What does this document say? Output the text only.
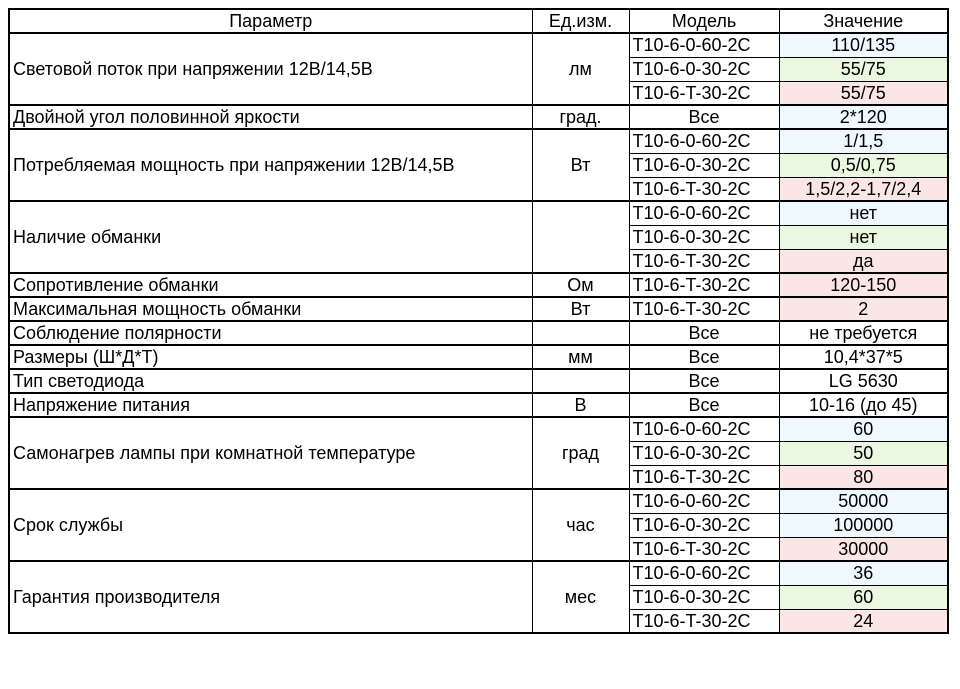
Параметр	Ед.изм.	Модель	Значение
Световой поток при напряжении 12В/14,5В	лм	T10-6-0-60-2C	110/135
		T10-6-0-30-2C	55/75
		T10-6-T-30-2C	55/75
Двойной угол половинной яркости	град.	Все	2*120
Потребляемая мощность при напряжении 12В/14,5В	Вт	T10-6-0-60-2C	1/1,5
		T10-6-0-30-2C	0,5/0,75
		T10-6-T-30-2C	1,5/2,2-1,7/2,4
Наличие обманки		T10-6-0-60-2C	нет
		T10-6-0-30-2C	нет
		T10-6-T-30-2C	да
Сопротивление обманки	Ом	T10-6-T-30-2C	120-150
Максимальная мощность обманки	Вт	T10-6-T-30-2C	2
Соблюдение полярности		Все	не требуется
Размеры (Ш*Д*Т)	мм	Все	10,4*37*5
Тип светодиода		Все	LG 5630
Напряжение питания	В	Все	10-16 (до 45)
Самонагрев лампы при комнатной температуре	град	T10-6-0-60-2C	60
		T10-6-0-30-2C	50
		T10-6-T-30-2C	80
Срок службы	час	T10-6-0-60-2C	50000
		T10-6-0-30-2C	100000
		T10-6-T-30-2C	30000
Гарантия производителя	мес	T10-6-0-60-2C	36
		T10-6-0-30-2C	60
		T10-6-T-30-2C	24
